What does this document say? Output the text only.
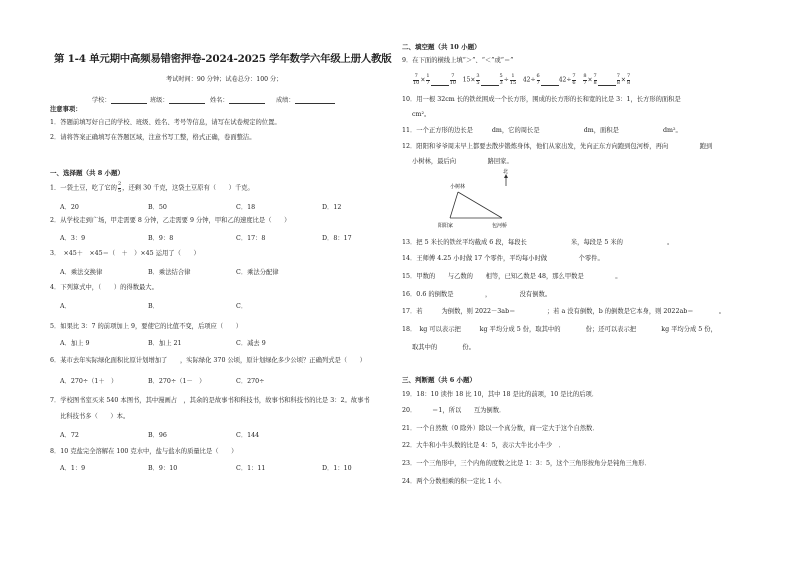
第 1-4 单元期中高频易错密押卷-2024-2025 学年数学六年级上册人教版
考试时间：90 分钟；试卷总分：100 分；
学校：	班级：	姓名：	成绩：
注意事项：
1．答题前填写好自己的学校、班级、姓名、考号等信息，请写在试卷规定的位置。
2．请将答案正确填写在答题区域，注意书写工整，格式正确，卷面整洁。
一、选择题（共 8 小题）
1．一袋土豆，吃了它的 $\frac{2}{5}$ ，还剩 30 千克，这袋土豆原有（　　）千克。
A．20	B．50	C．18	D．12
2．从学校走到广场，甲走需要 8 分钟，乙走需要 9 分钟，甲和乙的速度比是（　　）
A．3：9	B．9：8	C．17：8	D．8：17
3．　×45＋　×45＝（　＋　）×45 运用了（　　）
A．乘法交换律	B．乘法结合律	C．乘法分配律
4．下列算式中，（　　）的得数最大。
A．	B．	C．
5．如果比 3：7 的前项加上 9，要使它的比值不变，后项应（　　）
A．加上 9	B．加上 21	C．减去 9
6．某市去年实际绿化面积比原计划增加了　　，实际绿化 370 公顷，原计划绿化多少公顷？正确列式是（　　）
A．270÷（1＋　）	B．270÷（1－　）	C．270÷
7．学校图书室买来 540 本图书，其中漫画占　，其余的是故事书和科技书，故事书和科技书的比是 3：2。故事书
比科技书多（　　）本。
A．72	B．96	C．144
8．10 克盐完全溶解在 100 克水中，盐与盐水的质量比是（　　）
A．1：9	B．9：10	C．1：11	D．1：10
二、填空题（共 10 小题）
9．在下面的横线上填“＞”、“＜”或“＝”
$\frac{7}{10} \times \frac{1}{7}$	$\frac{7}{10} 15\times \frac{3}{5}$	$\frac{5}{3} \div \frac{1}{15} 42\div \frac{6}{7}$	$42\div \frac{7}{6}$
$\frac{8}{7} \times \frac{7}{8}$	$\frac{7}{8} \times \frac{7}{8}$
10．用一根 32cm 长的铁丝围成一个长方形，围成的长方形的长和宽的比是 3：1，长方形的面积是
cm²。
11．一个正方形的边长是　　　dm，它的周长是　　　　　　　dm，面积是　　　　　　　dm²。
12．阳阳和爷爷周末早上都要去散步锻炼身体，他们从家出发，先向正东方向跑到包河桥，再向　　　　　跑到
小树林，最后向　　　　　路回家。
北
小树林
阳阳家	包河桥
13．把 5 米长的铁丝平均截成 6 段，每段长　　　　　　　米，每段是 5 米的　　　　　　　。
14．王师傅 4.25 小时做 17 个零件，平均每小时做　　　　　个零件。
15．甲数的　　与乙数的　　相等，已知乙数是 48，那么甲数是　　　　　。
16．0.6 的倒数是　　　　　，　　　　　没有倒数。
17．若　　　为倒数，则 2022－3ab＝　　　　　；若 a 没有倒数，b 的倒数是它本身，则 2022ab＝　　　　。
18．　kg 可以表示把　　　kg 平均分成 5 份，取其中的　　　　份；还可以表示把　　　　kg 平均分成 5 份，
取其中的　　　　份。
三、判断题（共 6 小题）
19．18：10 读作 18 比 10，其中 18 是比的前项，10 是比的后项．　　　
20．　　　＝1，所以　　互为倒数．　　　
21．一个自然数（0 除外）除以一个真分数，商一定大于这个自然数．　　　
22．大牛和小牛头数的比是 4：5，表示大牛比小牛少　．　　　
23．一个三角形中，三个内角的度数之比是 1：3：5，这个三角形按角分是钝角三角形．　　　
24．两个分数相乘的积一定比 1 小．　　　
